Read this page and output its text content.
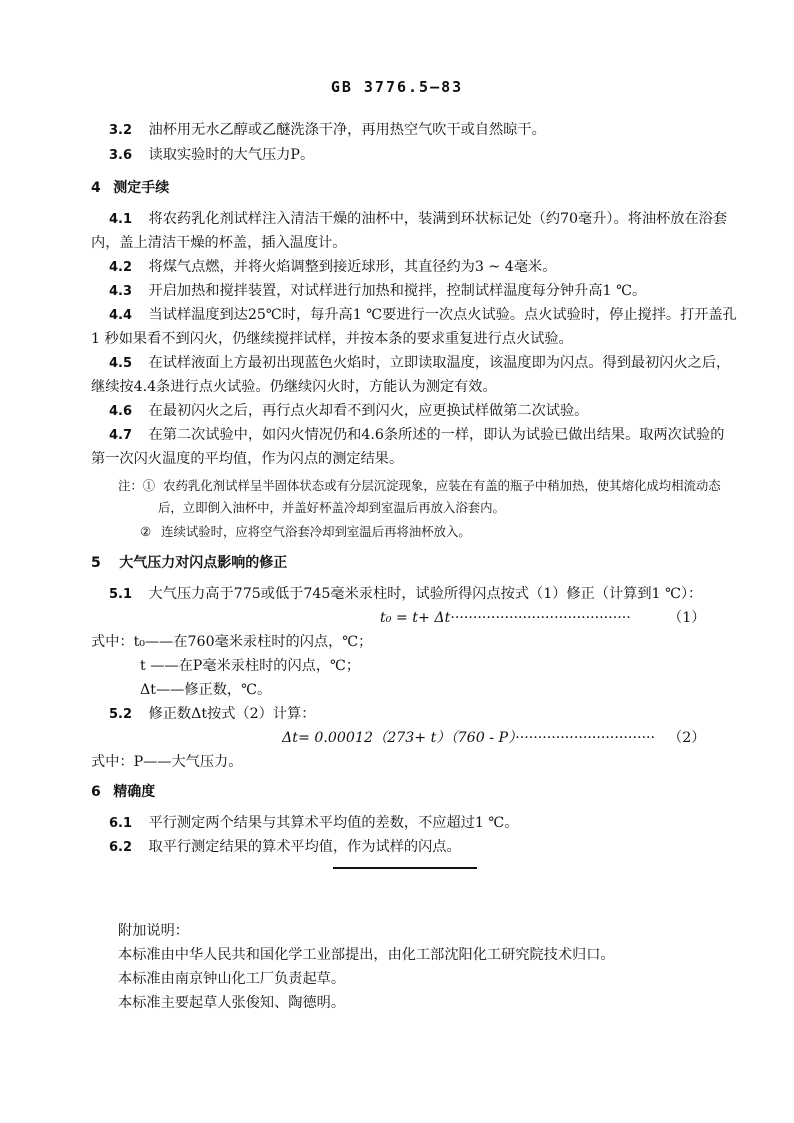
GB 3776.5—83
3.2 油杯用无水乙醇或乙醚洗涤干净，再用热空气吹干或自然晾干。
3.6 读取实验时的大气压力P。
4 测定手续
4.1 将农药乳化剂试样注入清洁干燥的油杯中，装满到环状标记处（约70毫升）。将油杯放在浴套
内，盖上清洁干燥的杯盖，插入温度计。
4.2 将煤气点燃，并将火焰调整到接近球形，其直径约为3 ~ 4毫米。
4.3 开启加热和搅拌装置，对试样进行加热和搅拌，控制试样温度每分钟升高1 ℃。
4.4 当试样温度到达25℃时，每升高1 ℃要进行一次点火试验。点火试验时，停止搅拌。打开盖孔
1 秒如果看不到闪火，仍继续搅拌试样，并按本条的要求重复进行点火试验。
4.5 在试样液面上方最初出现蓝色火焰时，立即读取温度，该温度即为闪点。得到最初闪火之后，
继续按4.4条进行点火试验。仍继续闪火时，方能认为测定有效。
4.6 在最初闪火之后，再行点火却看不到闪火，应更换试样做第二次试验。
4.7 在第二次试验中，如闪火情况仍和4.6条所述的一样，即认为试验已做出结果。取两次试验的
第一次闪火温度的平均值，作为闪点的测定结果。
注：① 农药乳化剂试样呈半固体状态或有分层沉淀现象，应装在有盖的瓶子中稍加热，使其熔化成均相流动态
后，立即倒入油杯中，并盖好杯盖冷却到室温后再放入浴套内。
② 连续试验时，应将空气浴套冷却到室温后再将油杯放入。
5 大气压力对闪点影响的修正
5.1 大气压力高于775或低于745毫米汞柱时，试验所得闪点按式（1）修正（计算到1 ℃）：
t₀ = t+ Δt········································	（1）
式中：t₀——在760毫米汞柱时的闪点，℃；
t ——在P毫米汞柱时的闪点，℃；
Δt——修正数，℃。
5.2 修正数Δt按式（2）计算：
Δt= 0.00012（273+ t）（760 - P）······························· （2）
式中：P——大气压力。
6 精确度
6.1 平行测定两个结果与其算术平均值的差数，不应超过1 ℃。
6.2 取平行测定结果的算术平均值，作为试样的闪点。
附加说明：
本标准由中华人民共和国化学工业部提出，由化工部沈阳化工研究院技术归口。
本标准由南京钟山化工厂负责起草。
本标准主要起草人张俊知、陶德明。
